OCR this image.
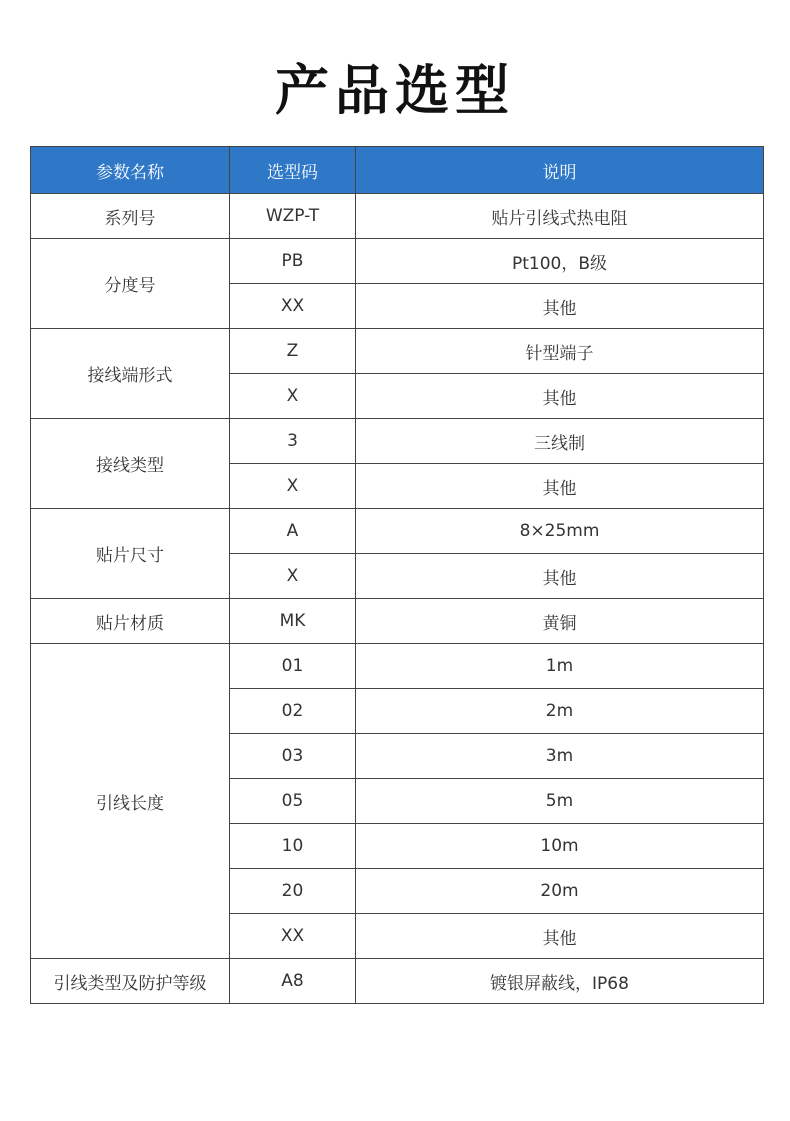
产品选型
参数名称	选型码	说明
系列号	WZP-T	贴片引线式热电阻
分度号	PB	Pt100，B级
	XX	其他
接线端形式	Z	针型端子
	X	其他
接线类型	3	三线制
	X	其他
贴片尺寸	A	8×25mm
	X	其他
贴片材质	MK	黄铜
引线长度	01	1m
	02	2m
	03	3m
	05	5m
	10	10m
	20	20m
	XX	其他
引线类型及防护等级	A8	镀银屏蔽线，IP68
